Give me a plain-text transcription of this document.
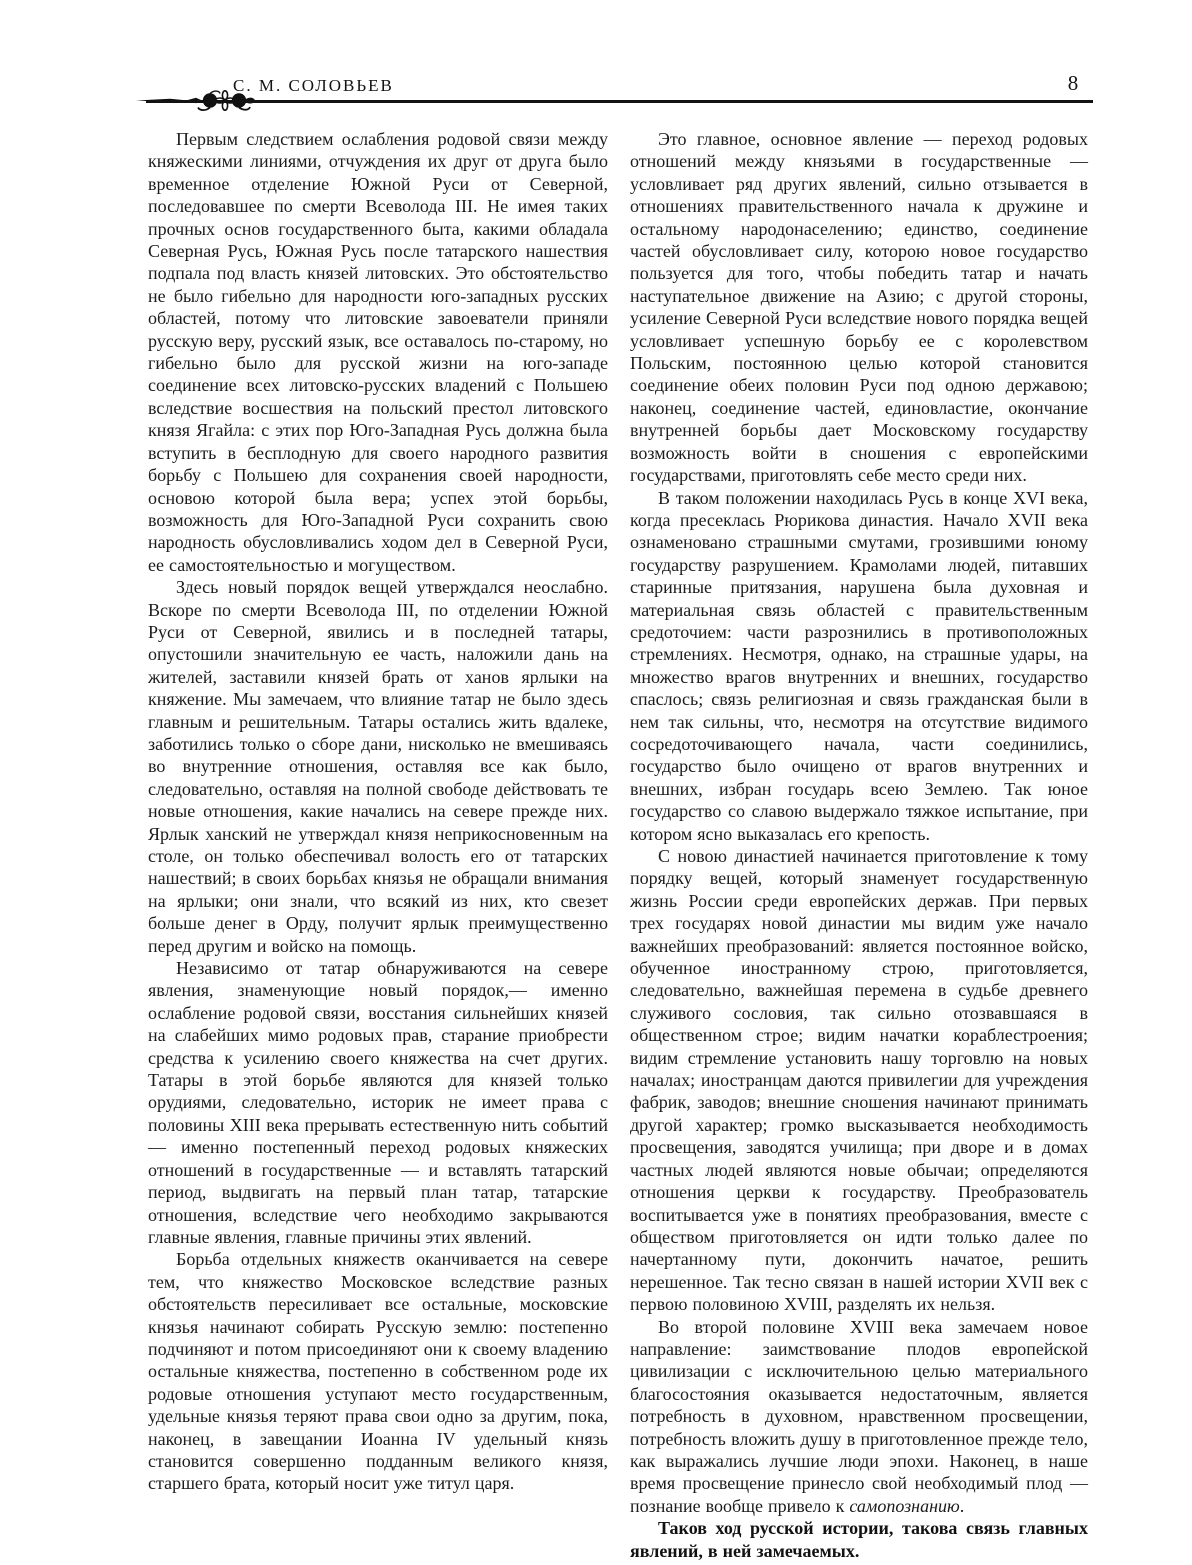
С. М. СОЛОВЬЕВ	8

Первым следствием ослабления родовой связи между княжескими линиями, отчуждения их друг от друга было временное отделение Южной Руси от Северной, последовавшее по смерти Всеволода III. Не имея таких прочных основ государственного быта, какими обладала Северная Русь, Южная Русь после татарского нашествия подпала под власть князей литовских. Это обстоятельство не было гибельно для народности юго-западных русских областей, потому что литовские завоеватели приняли русскую веру, русский язык, все оставалось по-старому, но гибельно было для русской жизни на юго-западе соединение всех литовско-русских владений с Польшею вследствие восшествия на польский престол литовского князя Ягайла: с этих пор Юго-Западная Русь должна была вступить в бесплодную для своего народного развития борьбу с Польшею для сохранения своей народности, основою которой была вера; успех этой борьбы, возможность для Юго-Западной Руси сохранить свою народность обусловливались ходом дел в Северной Руси, ее самостоятельностью и могуществом.

Здесь новый порядок вещей утверждался неослабно. Вскоре по смерти Всеволода III, по отделении Южной Руси от Северной, явились и в последней татары, опустошили значительную ее часть, наложили дань на жителей, заставили князей брать от ханов ярлыки на княжение. Мы замечаем, что влияние татар не было здесь главным и решительным. Татары остались жить вдалеке, заботились только о сборе дани, нисколько не вмешиваясь во внутренние отношения, оставляя все как было, следовательно, оставляя на полной свободе действовать те новые отношения, какие начались на севере прежде них. Ярлык ханский не утверждал князя неприкосновенным на столе, он только обеспечивал волость его от татарских нашествий; в своих борьбах князья не обращали внимания на ярлыки; они знали, что всякий из них, кто свезет больше денег в Орду, получит ярлык преимущественно перед другим и войско на помощь.

Независимо от татар обнаруживаются на севере явления, знаменующие новый порядок,— именно ослабление родовой связи, восстания сильнейших князей на слабейших мимо родовых прав, старание приобрести средства к усилению своего княжества на счет других. Татары в этой борьбе являются для князей только орудиями, следовательно, историк не имеет права с половины XIII века прерывать естественную нить событий — именно постепенный переход родовых княжеских отношений в государственные — и вставлять татарский период, выдвигать на первый план татар, татарские отношения, вследствие чего необходимо закрываются главные явления, главные причины этих явлений.

Борьба отдельных княжеств оканчивается на севере тем, что княжество Московское вследствие разных обстоятельств пересиливает все остальные, московские князья начинают собирать Русскую землю: постепенно подчиняют и потом присоединяют они к своему владению остальные княжества, постепенно в собственном роде их родовые отношения уступают место государственным, удельные князья теряют права свои одно за другим, пока, наконец, в завещании Иоанна IV удельный князь становится совершенно подданным великого князя, старшего брата, который носит уже титул царя.

Это главное, основное явление — переход родовых отношений между князьями в государственные — условливает ряд других явлений, сильно отзывается в отношениях правительственного начала к дружине и остальному народонаселению; единство, соединение частей обусловливает силу, которою новое государство пользуется для того, чтобы победить татар и начать наступательное движение на Азию; с другой стороны, усиление Северной Руси вследствие нового порядка вещей условливает успешную борьбу ее с королевством Польским, постоянною целью которой становится соединение обеих половин Руси под одною державою; наконец, соединение частей, единовластие, окончание внутренней борьбы дает Московскому государству возможность войти в сношения с европейскими государствами, приготовлять себе место среди них.

В таком положении находилась Русь в конце XVI века, когда пресеклась Рюрикова династия. Начало XVII века ознаменовано страшными смутами, грозившими юному государству разрушением. Крамолами людей, питавших старинные притязания, нарушена была духовная и материальная связь областей с правительственным средоточием: части разрознились в противоположных стремлениях. Несмотря, однако, на страшные удары, на множество врагов внутренних и внешних, государство спаслось; связь религиозная и связь гражданская были в нем так сильны, что, несмотря на отсутствие видимого сосредоточивающего начала, части соединились, государство было очищено от врагов внутренних и внешних, избран государь всею Землею. Так юное государство со славою выдержало тяжкое испытание, при котором ясно выказалась его крепость.

С новою династией начинается приготовление к тому порядку вещей, который знаменует государственную жизнь России среди европейских держав. При первых трех государях новой династии мы видим уже начало важнейших преобразований: является постоянное войско, обученное иностранному строю, приготовляется, следовательно, важнейшая перемена в судьбе древнего служивого сословия, так сильно отозвавшаяся в общественном строе; видим начатки кораблестроения; видим стремление установить нашу торговлю на новых началах; иностранцам даются привилегии для учреждения фабрик, заводов; внешние сношения начинают принимать другой характер; громко высказывается необходимость просвещения, заводятся училища; при дворе и в домах частных людей являются новые обычаи; определяются отношения церкви к государству. Преобразователь воспитывается уже в понятиях преобразования, вместе с обществом приготовляется он идти только далее по начертанному пути, докончить начатое, решить нерешенное. Так тесно связан в нашей истории XVII век с первою половиною XVIII, разделять их нельзя.

Во второй половине XVIII века замечаем новое направление: заимствование плодов европейской цивилизации с исключительною целью материального благосостояния оказывается недостаточным, является потребность в духовном, нравственном просвещении, потребность вложить душу в приготовленное прежде тело, как выражались лучшие люди эпохи. Наконец, в наше время просвещение принесло свой необходимый плод — познание вообще привело к самопознанию.

Таков ход русской истории, такова связь главных явлений, в ней замечаемых.
